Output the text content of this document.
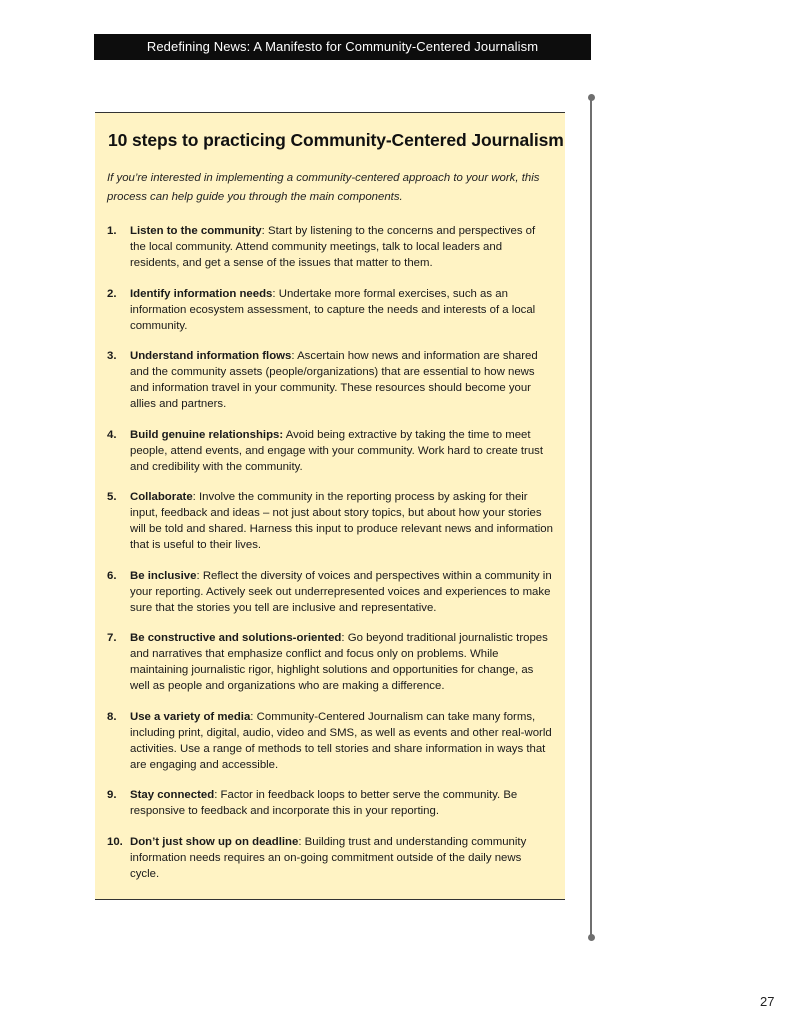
Redefining News: A Manifesto for Community-Centered Journalism
10 steps to practicing Community-Centered Journalism
If you’re interested in implementing a community-centered approach to your work, this process can help guide you through the main components.
1. Listen to the community: Start by listening to the concerns and perspectives of the local community. Attend community meetings, talk to local leaders and residents, and get a sense of the issues that matter to them.
2. Identify information needs: Undertake more formal exercises, such as an information ecosystem assessment, to capture the needs and interests of a local community.
3. Understand information flows: Ascertain how news and information are shared and the community assets (people/organizations) that are essential to how news and information travel in your community. These resources should become your allies and partners.
4. Build genuine relationships: Avoid being extractive by taking the time to meet people, attend events, and engage with your community. Work hard to create trust and credibility with the community.
5. Collaborate: Involve the community in the reporting process by asking for their input, feedback and ideas – not just about story topics, but about how your stories will be told and shared. Harness this input to produce relevant news and information that is useful to their lives.
6. Be inclusive: Reflect the diversity of voices and perspectives within a community in your reporting. Actively seek out underrepresented voices and experiences to make sure that the stories you tell are inclusive and representative.
7. Be constructive and solutions-oriented: Go beyond traditional journalistic tropes and narratives that emphasize conflict and focus only on problems. While maintaining journalistic rigor, highlight solutions and opportunities for change, as well as people and organizations who are making a difference.
8. Use a variety of media: Community-Centered Journalism can take many forms, including print, digital, audio, video and SMS, as well as events and other real-world activities. Use a range of methods to tell stories and share information in ways that are engaging and accessible.
9. Stay connected: Factor in feedback loops to better serve the community. Be responsive to feedback and incorporate this in your reporting.
10. Don’t just show up on deadline: Building trust and understanding community information needs requires an on-going commitment outside of the daily news cycle.
27
